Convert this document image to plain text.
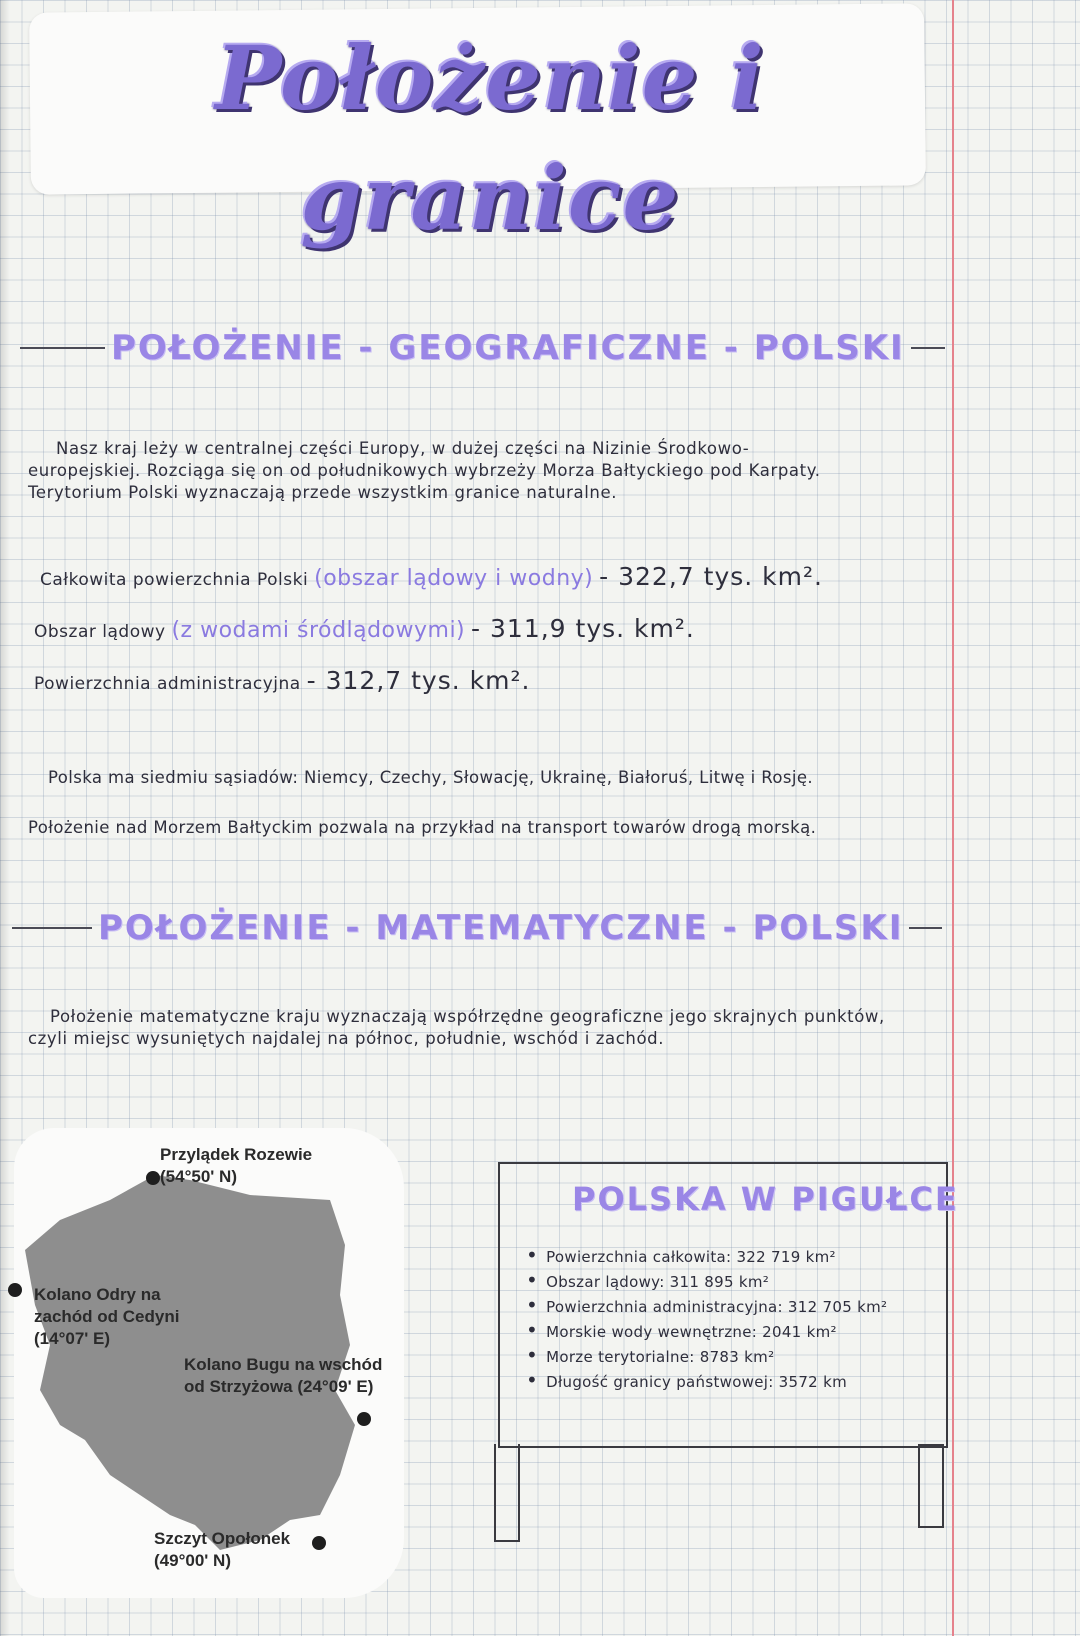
Położenie i granice
POŁOŻENIE - GEOGRAFICZNE - POLSKI
Nasz kraj leży w centralnej części Europy, w dużej części na Nizinie Środkowo-
europejskiej. Rozciąga się on od południkowych wybrzeży Morza Bałtyckiego pod Karpaty.
Terytorium Polski wyznaczają przede wszystkim granice naturalne.
Całkowita powierzchnia Polski (obszar lądowy i wodny) - 322,7 tys. km².
Obszar lądowy (z wodami śródlądowymi) - 311,9 tys. km².
Powierzchnia administracyjna - 312,7 tys. km².
Polska ma siedmiu sąsiadów: Niemcy, Czechy, Słowację, Ukrainę, Białoruś, Litwę i Rosję.
Położenie nad Morzem Bałtyckim pozwala na przykład na transport towarów drogą morską.
POŁOŻENIE - MATEMATYCZNE - POLSKI
Położenie matematyczne kraju wyznaczają współrzędne geograficzne jego skrajnych punktów,
czyli miejsc wysuniętych najdalej na północ, południe, wschód i zachód.
Przylądek Rozewie
(54°50' N)
Kolano Odry na
zachód od Cedyni
(14°07' E)
Kolano Bugu na wschód
od Strzyżowa (24°09' E)
Szczyt Opołonek
(49°00' N)
POLSKA W PIGUŁCE
• Powierzchnia całkowita: 322 719 km²
• Obszar lądowy: 311 895 km²
• Powierzchnia administracyjna: 312 705 km²
• Morskie wody wewnętrzne: 2041 km²
• Morze terytorialne: 8783 km²
• Długość granicy państwowej: 3572 km
